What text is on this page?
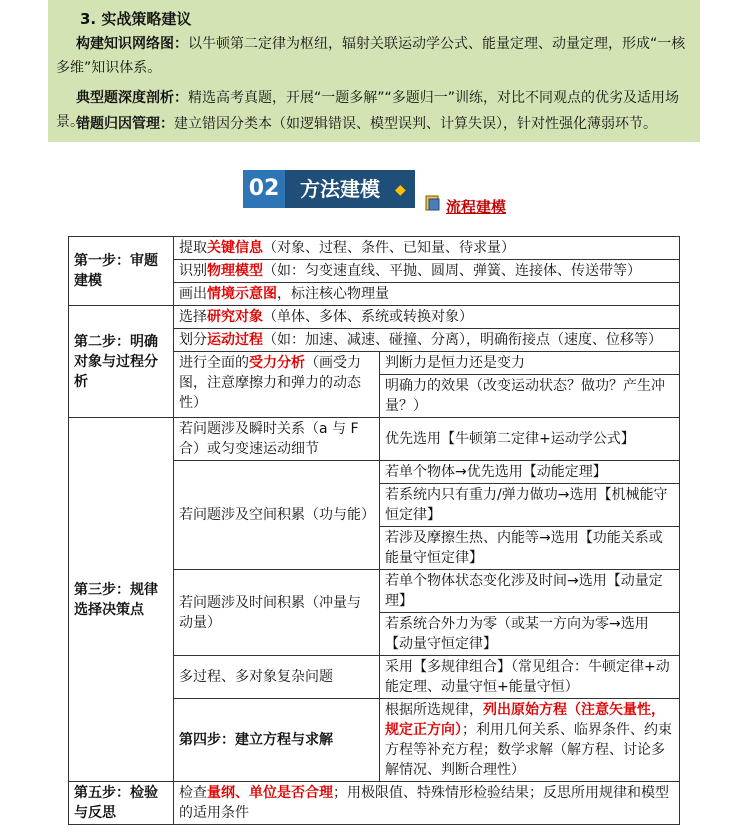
3. 实战策略建议
构建知识网络图：以牛顿第二定律为枢纽，辐射关联运动学公式、能量定理、动量定理，形成“一核多维”知识体系。
典型题深度剖析：精选高考真题，开展“一题多解”“多题归一”训练，对比不同观点的优劣及适用场景。
错题归因管理：建立错因分类本（如逻辑错误、模型误判、计算失误），针对性强化薄弱环节。
02	方法建模	◆
流程建模
第一步：审题建模	提取关键信息（对象、过程、条件、已知量、待求量）	
	识别物理模型（如：匀变速直线、平抛、圆周、弹簧、连接体、传送带等）	
	画出情境示意图，标注核心物理量	
第二步：明确对象与过程分析	选择研究对象（单体、多体、系统或转换对象）	
	划分运动过程（如：加速、减速、碰撞、分离），明确衔接点（速度、位移等）	
	进行全面的受力分析（画受力图，注意摩擦力和弹力的动态性）	判断力是恒力还是变力
		明确力的效果（改变运动状态？做功？产生冲量？）
第三步：规律选择决策点	若问题涉及瞬时关系（a 与 F 合）或匀变速运动细节	优先选用【牛顿第二定律+运动学公式】
	若问题涉及空间积累（功与能）	若单个物体→优先选用【动能定理】
		若系统内只有重力/弹力做功→选用【机械能守恒定律】
		若涉及摩擦生热、内能等→选用【功能关系或能量守恒定律】
	若问题涉及时间积累（冲量与动量）	若单个物体状态变化涉及时间→选用【动量定理】
		若系统合外力为零（或某一方向为零→选用【动量守恒定律】
	多过程、多对象复杂问题	采用【多规律组合】（常见组合：牛顿定律+动能定理、动量守恒+能量守恒）
	第四步：建立方程与求解	根据所选规律，列出原始方程（注意矢量性，规定正方向）；利用几何关系、临界条件、约束方程等补充方程；数学求解（解方程、讨论多解情况、判断合理性）
第五步：检验与反思	检查量纲、单位是否合理；用极限值、特殊情形检验结果；反思所用规律和模型的适用条件	
